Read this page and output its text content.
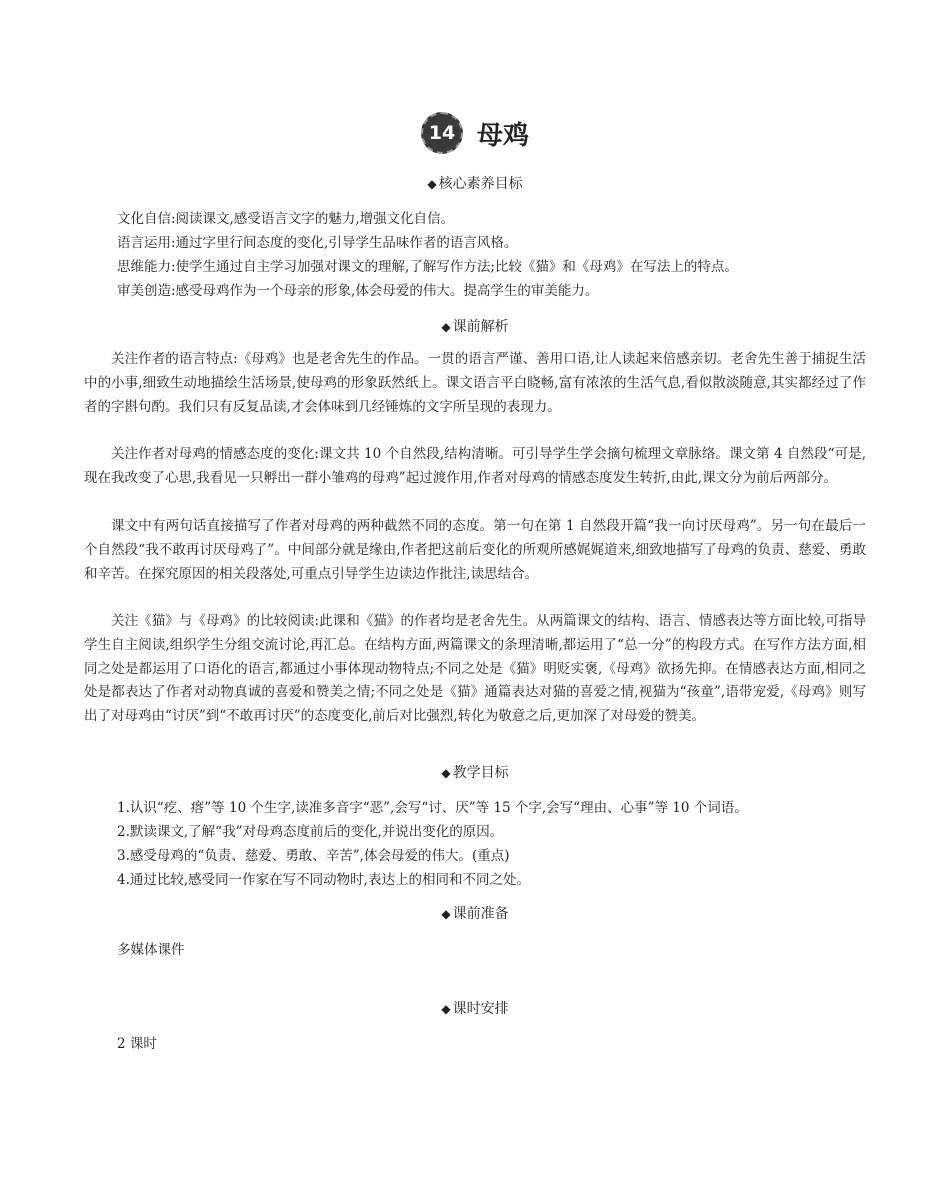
14 母鸡
◆ 核心素养目标
文化自信:阅读课文,感受语言文字的魅力,增强文化自信。
语言运用:通过字里行间态度的变化,引导学生品味作者的语言风格。
思维能力:使学生通过自主学习加强对课文的理解,了解写作方法;比较《猫》和《母鸡》在写法上的特点。
审美创造:感受母鸡作为一个母亲的形象,体会母爱的伟大。提高学生的审美能力。
◆ 课前解析

关注作者的语言特点:《母鸡》也是老舍先生的作品。一贯的语言严谨、善用口语,让人读起来倍感亲切。老舍先生善于捕捉生活中的小事,细致生动地描绘生活场景,使母鸡的形象跃然纸上。课文语言平白晓畅,富有浓浓的生活气息,看似散淡随意,其实都经过了作者的字斟句酌。我们只有反复品读,才会体味到几经锤炼的文字所呈现的表现力。

关注作者对母鸡的情感态度的变化:课文共 10 个自然段,结构清晰。可引导学生学会摘句梳理文章脉络。课文第 4 自然段“可是,现在我改变了心思,我看见一只孵出一群小雏鸡的母鸡”起过渡作用,作者对母鸡的情感态度发生转折,由此,课文分为前后两部分。

课文中有两句话直接描写了作者对母鸡的两种截然不同的态度。第一句在第 1 自然段开篇“我一向讨厌母鸡”。另一句在最后一个自然段“我不敢再讨厌母鸡了”。中间部分就是缘由,作者把这前后变化的所观所感娓娓道来,细致地描写了母鸡的负责、慈爱、勇敢和辛苦。在探究原因的相关段落处,可重点引导学生边读边作批注,读思结合。

关注《猫》与《母鸡》的比较阅读:此课和《猫》的作者均是老舍先生。从两篇课文的结构、语言、情感表达等方面比较,可指导学生自主阅读,组织学生分组交流讨论,再汇总。在结构方面,两篇课文的条理清晰,都运用了“总一分”的构段方式。在写作方法方面,相同之处是都运用了口语化的语言,都通过小事体现动物特点;不同之处是《猫》明贬实褒,《母鸡》欲扬先抑。在情感表达方面,相同之处是都表达了作者对动物真诚的喜爱和赞美之情;不同之处是《猫》通篇表达对猫的喜爱之情,视猫为“孩童”,语带宠爱,《母鸡》则写出了对母鸡由“讨厌”到“不敢再讨厌”的态度变化,前后对比强烈,转化为敬意之后,更加深了对母爱的赞美。

◆ 教学目标
1.认识“疙、瘩”等 10 个生字,读准多音字“恶”,会写“讨、厌”等 15 个字,会写“理由、心事”等 10 个词语。
2.默读课文,了解“我”对母鸡态度前后的变化,并说出变化的原因。
3.感受母鸡的“负责、慈爱、勇敢、辛苦”,体会母爱的伟大。(重点)
4.通过比较,感受同一作家在写不同动物时,表达上的相同和不同之处。
◆ 课前准备
多媒体课件
◆ 课时安排
2 课时
